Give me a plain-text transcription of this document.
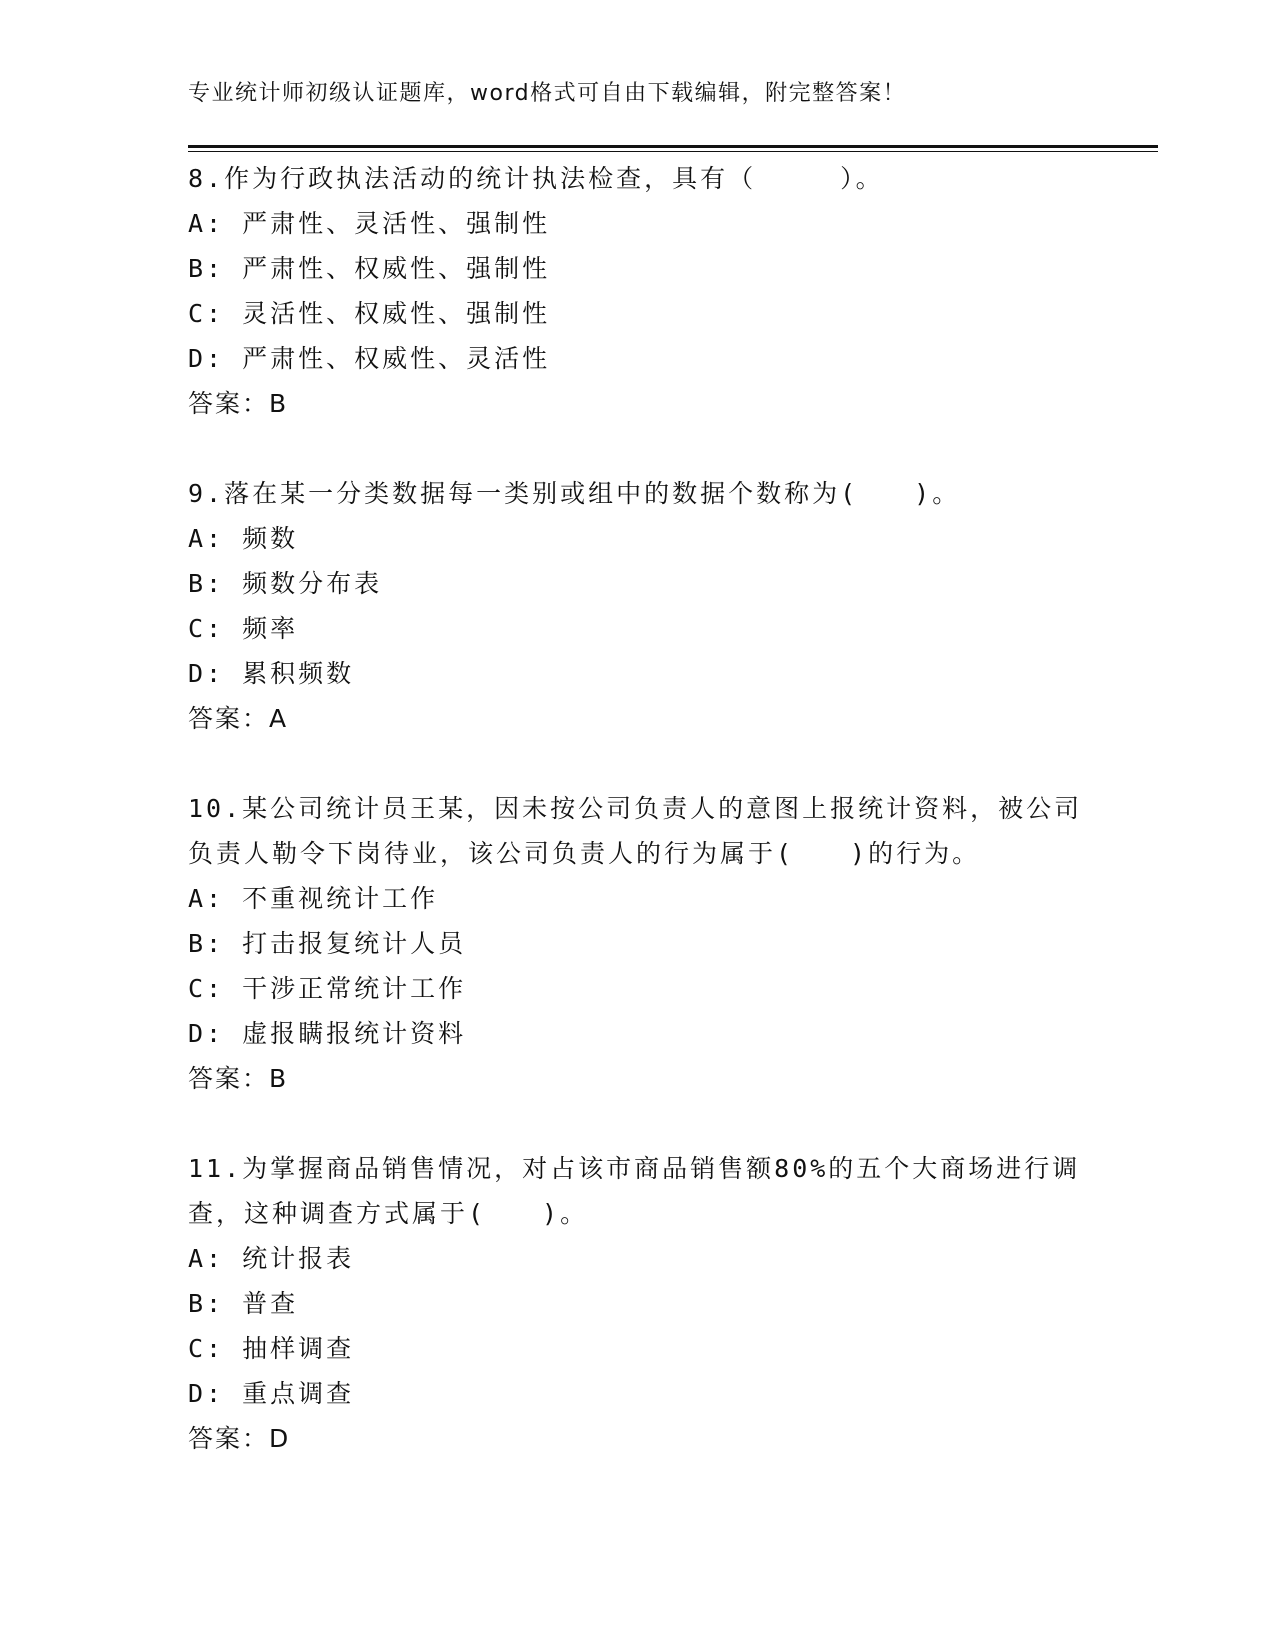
专业统计师初级认证题库，word格式可自由下载编辑，附完整答案！
8.作为行政执法活动的统计执法检查，具有（　　　）。
A: 严肃性、灵活性、强制性
B: 严肃性、权威性、强制性
C: 灵活性、权威性、强制性
D: 严肃性、权威性、灵活性
答案：B
9.落在某一分类数据每一类别或组中的数据个数称为(　　)。
A: 频数
B: 频数分布表
C: 频率
D: 累积频数
答案：A
10.某公司统计员王某，因未按公司负责人的意图上报统计资料，被公司负责人勒令下岗待业，该公司负责人的行为属于(　　)的行为。
A: 不重视统计工作
B: 打击报复统计人员
C: 干涉正常统计工作
D: 虚报瞒报统计资料
答案：B
11.为掌握商品销售情况，对占该市商品销售额80%的五个大商场进行调查，这种调查方式属于(　　)。
A: 统计报表
B: 普查
C: 抽样调查
D: 重点调查
答案：D
